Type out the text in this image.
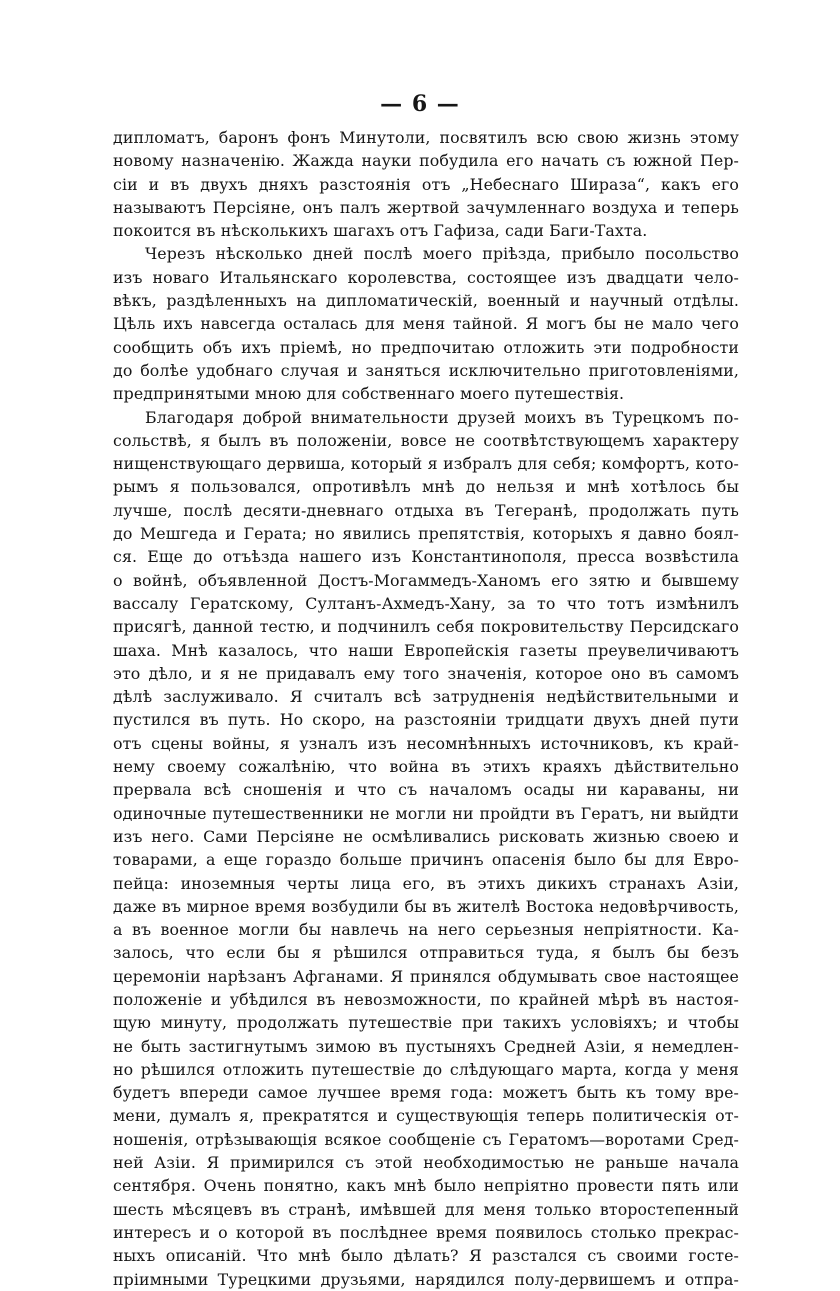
— 6 —
дипломатъ, баронъ фонъ Минутоли, посвятилъ всю свою жизнь этому
новому назначенію. Жажда науки побудила его начать съ южной Пер-
сіи и въ двухъ дняхъ разстоянія отъ „Небеснаго Шираза“, какъ его
называютъ Персіяне, онъ палъ жертвой зачумленнаго воздуха и теперь
покоится въ нѣсколькихъ шагахъ отъ Гафиза, сади Баги-Тахта.
Черезъ нѣсколько дней послѣ моего пріѣзда, прибыло посольство
изъ новаго Итальянскаго королевства, состоящее изъ двадцати чело-
вѣкъ, раздѣленныхъ на дипломатическій, военный и научный отдѣлы.
Цѣль ихъ навсегда осталась для меня тайной. Я могъ бы не мало чего
сообщить объ ихъ пріемѣ, но предпочитаю отложить эти подробности
до болѣе удобнаго случая и заняться исключительно приготовленіями,
предпринятыми мною для собственнаго моего путешествія.
Благодаря доброй внимательности друзей моихъ въ Турецкомъ по-
сольствѣ, я былъ въ положеніи, вовсе не соотвѣтствующемъ характеру
нищенствующаго дервиша, который я избралъ для себя; комфортъ, кото-
рымъ я пользовался, опротивѣлъ мнѣ до нельзя и мнѣ хотѣлось бы
лучше, послѣ десяти-дневнаго отдыха въ Тегеранѣ, продолжать путь
до Мешгеда и Герата; но явились препятствія, которыхъ я давно боял-
ся. Еще до отъѣзда нашего изъ Константинополя, пресса возвѣстила
о войнѣ, объявленной Достъ-Могаммедъ-Ханомъ его зятю и бывшему
вассалу Гератскому, Султанъ-Ахмедъ-Хану, за то что тотъ измѣнилъ
присягѣ, данной тестю, и подчинилъ себя покровительству Персидскаго
шаха. Мнѣ казалось, что наши Европейскія газеты преувеличиваютъ
это дѣло, и я не придавалъ ему того значенія, которое оно въ самомъ
дѣлѣ заслуживало. Я считалъ всѣ затрудненія недѣйствительными и
пустился въ путь. Но скоро, на разстояніи тридцати двухъ дней пути
отъ сцены войны, я узналъ изъ несомнѣнныхъ источниковъ, къ край-
нему своему сожалѣнію, что война въ этихъ краяхъ дѣйствительно
прервала всѣ сношенія и что съ началомъ осады ни караваны, ни
одиночные путешественники не могли ни пройдти въ Гератъ, ни выйдти
изъ него. Сами Персіяне не осмѣливались рисковать жизнью своею и
товарами, а еще гораздо больше причинъ опасенія было бы для Евро-
пейца: иноземныя черты лица его, въ этихъ дикихъ странахъ Азіи,
даже въ мирное время возбудили бы въ жителѣ Востока недовѣрчивость,
а въ военное могли бы навлечь на него серьезныя непріятности. Ка-
залось, что если бы я рѣшился отправиться туда, я былъ бы безъ
церемоніи нарѣзанъ Афганами. Я принялся обдумывать свое настоящее
положеніе и убѣдился въ невозможности, по крайней мѣрѣ въ настоя-
щую минуту, продолжать путешествіе при такихъ условіяхъ; и чтобы
не быть застигнутымъ зимою въ пустыняхъ Средней Азіи, я немедлен-
но рѣшился отложить путешествіе до слѣдующаго марта, когда у меня
будетъ впереди самое лучшее время года: можетъ быть къ тому вре-
мени, думалъ я, прекратятся и существующія теперь политическія от-
ношенія, отрѣзывающія всякое сообщеніе съ Гератомъ—воротами Сред-
ней Азіи. Я примирился съ этой необходимостью не раньше начала
сентября. Очень понятно, какъ мнѣ было непріятно провести пять или
шесть мѣсяцевъ въ странѣ, имѣвшей для меня только второстепенный
интересъ и о которой въ послѣднее время появилось столько прекрас-
ныхъ описаній. Что мнѣ было дѣлать? Я разстался съ своими госте-
пріимными Турецкими друзьями, нарядился полу-дервишемъ и отпра-
